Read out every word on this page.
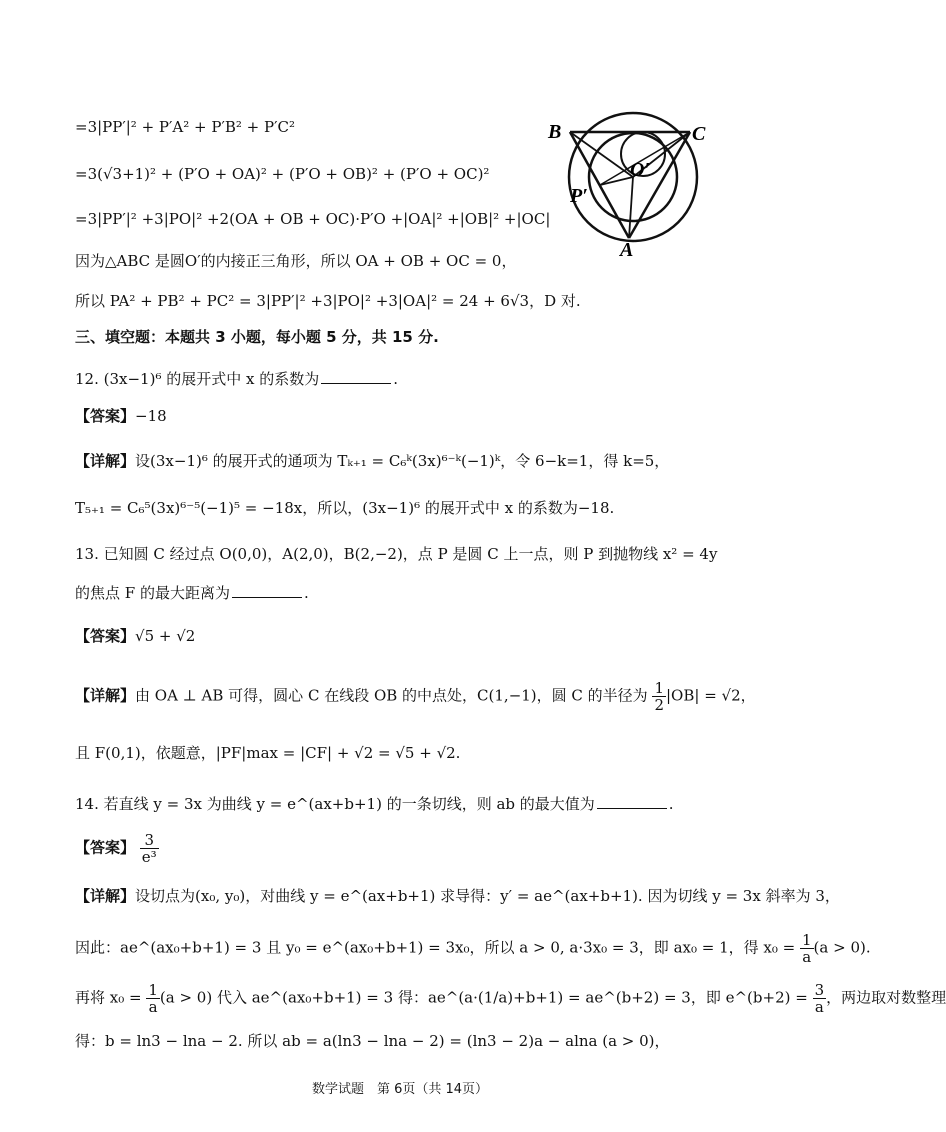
B	C
O′
P′
A
=3|PP′|² + P′A² + P′B² + P′C²
=3(√3+1)² + (P′O + OA)² + (P′O + OB)² + (P′O + OC)²
=3|PP′|² +3|PO|² +2(OA + OB + OC)·P′O +|OA|² +|OB|² +|OC|
因为△ABC 是圆O′的内接正三角形，所以 OA + OB + OC = 0，
所以 PA² + PB² + PC² = 3|PP′|² +3|PO|² +3|OA|² = 24 + 6√3，D 对.
三、填空题：本题共 3 小题，每小题 5 分，共 15 分.
12. (3x−1)⁶ 的展开式中 x 的系数为	.
【答案】−18
【详解】设(3x−1)⁶ 的展开式的通项为 Tₖ₊₁ = C₆ᵏ(3x)⁶⁻ᵏ(−1)ᵏ，令 6−k=1，得 k=5，
T₅₊₁ = C₆⁵(3x)⁶⁻⁵(−1)⁵ = −18x，所以，(3x−1)⁶ 的展开式中 x 的系数为−18.
13. 已知圆 C 经过点 O(0,0)，A(2,0)，B(2,−2)，点 P 是圆 C 上一点，则 P 到抛物线 x² = 4y
的焦点 F 的最大距离为	.
【答案】√5 + √2
【详解】由 OA ⊥ AB 可得，圆心 C 在线段 OB 的中点处，C(1,−1)，圆 C 的半径为 $\frac{1}{2} |OB| = √2$，
且 F(0,1)，依题意，|PF|max = |CF| + √2 = √5 + √2.
14. 若直线 y = 3x 为曲线 y = e^(ax+b+1) 的一条切线，则 ab 的最大值为	.
【答案】 $\frac{3}{\text{e³}}$
【详解】设切点为(x₀, y₀)，对曲线 y = e^(ax+b+1) 求导得：y′ = ae^(ax+b+1). 因为切线 y = 3x 斜率为 3，
因此：ae^(ax₀+b+1) = 3 且 y₀ = e^(ax₀+b+1) = 3x₀，所以 a > 0, a·3x₀ = 3，即 ax₀ = 1，得 $x_0 = \frac{1}{a} (a > 0)$.
再将 $x_0 = \frac{1}{a} (a > 0)$ 代入 ae^(ax₀+b+1) = 3 得：ae^(a·(1/a)+b+1) = ae^(b+2) = 3，即 e^(b+2) = $\frac{3}{a}$ ，两边取对数整理
得：b = ln3 − lna − 2. 所以 ab = a(ln3 − lna − 2) = (ln3 − 2)a − alna (a > 0)，
数学试题　第 6页（共 14页）
